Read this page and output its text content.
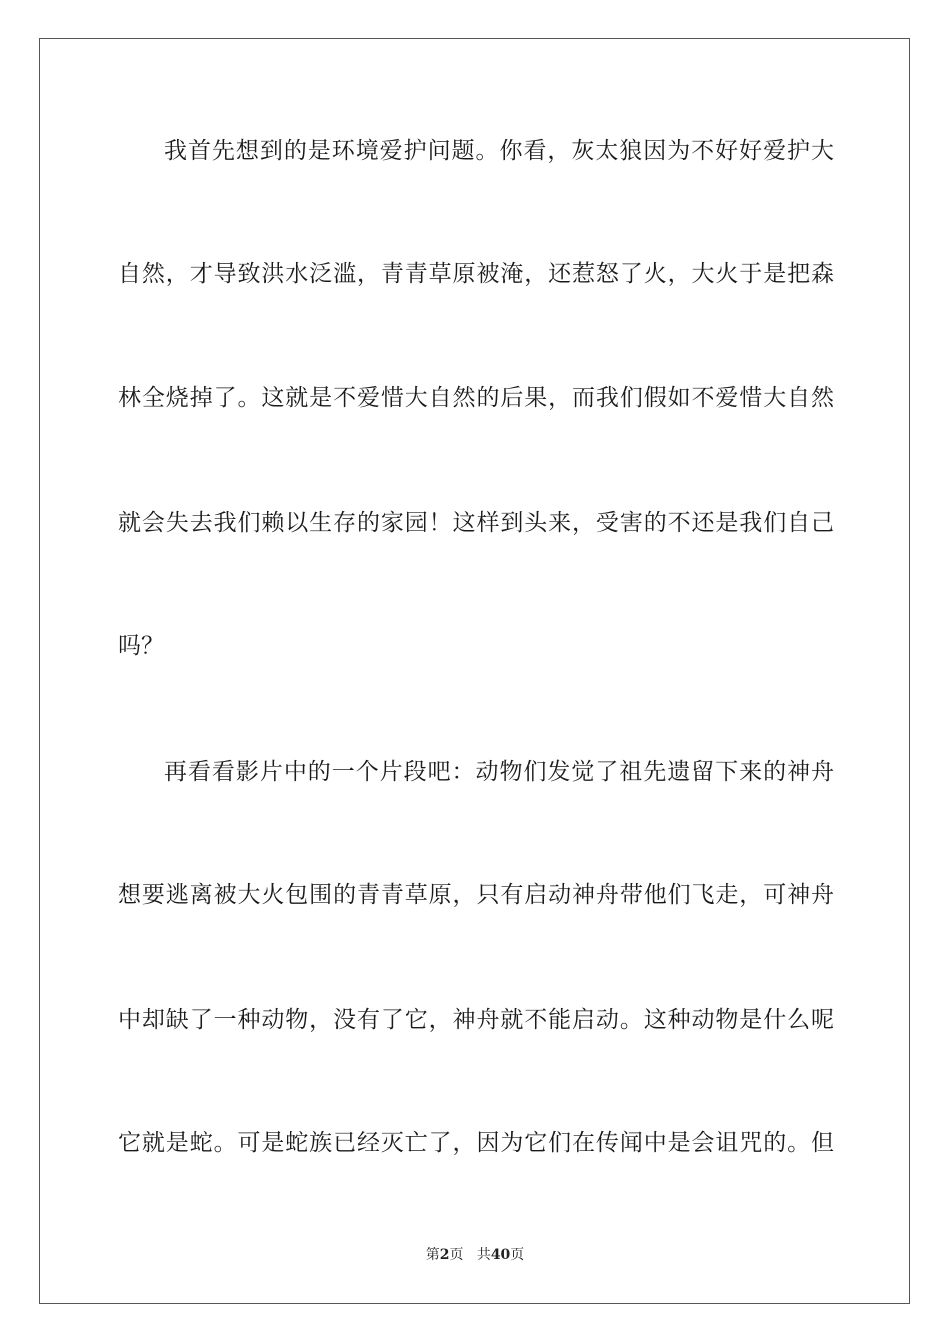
我首先想到的是环境爱护问题。你看，灰太狼因为不好好爱护大
自然，才导致洪水泛滥，青青草原被淹，还惹怒了火，大火于是把森
林全烧掉了。这就是不爱惜大自然的后果，而我们假如不爱惜大自然
就会失去我们赖以生存的家园！这样到头来，受害的不还是我们自己
吗？
再看看影片中的一个片段吧：动物们发觉了祖先遗留下来的神舟
想要逃离被大火包围的青青草原，只有启动神舟带他们飞走，可神舟
中却缺了一种动物，没有了它，神舟就不能启动。这种动物是什么呢
它就是蛇。可是蛇族已经灭亡了，因为它们在传闻中是会诅咒的。但
第2页 共40页
